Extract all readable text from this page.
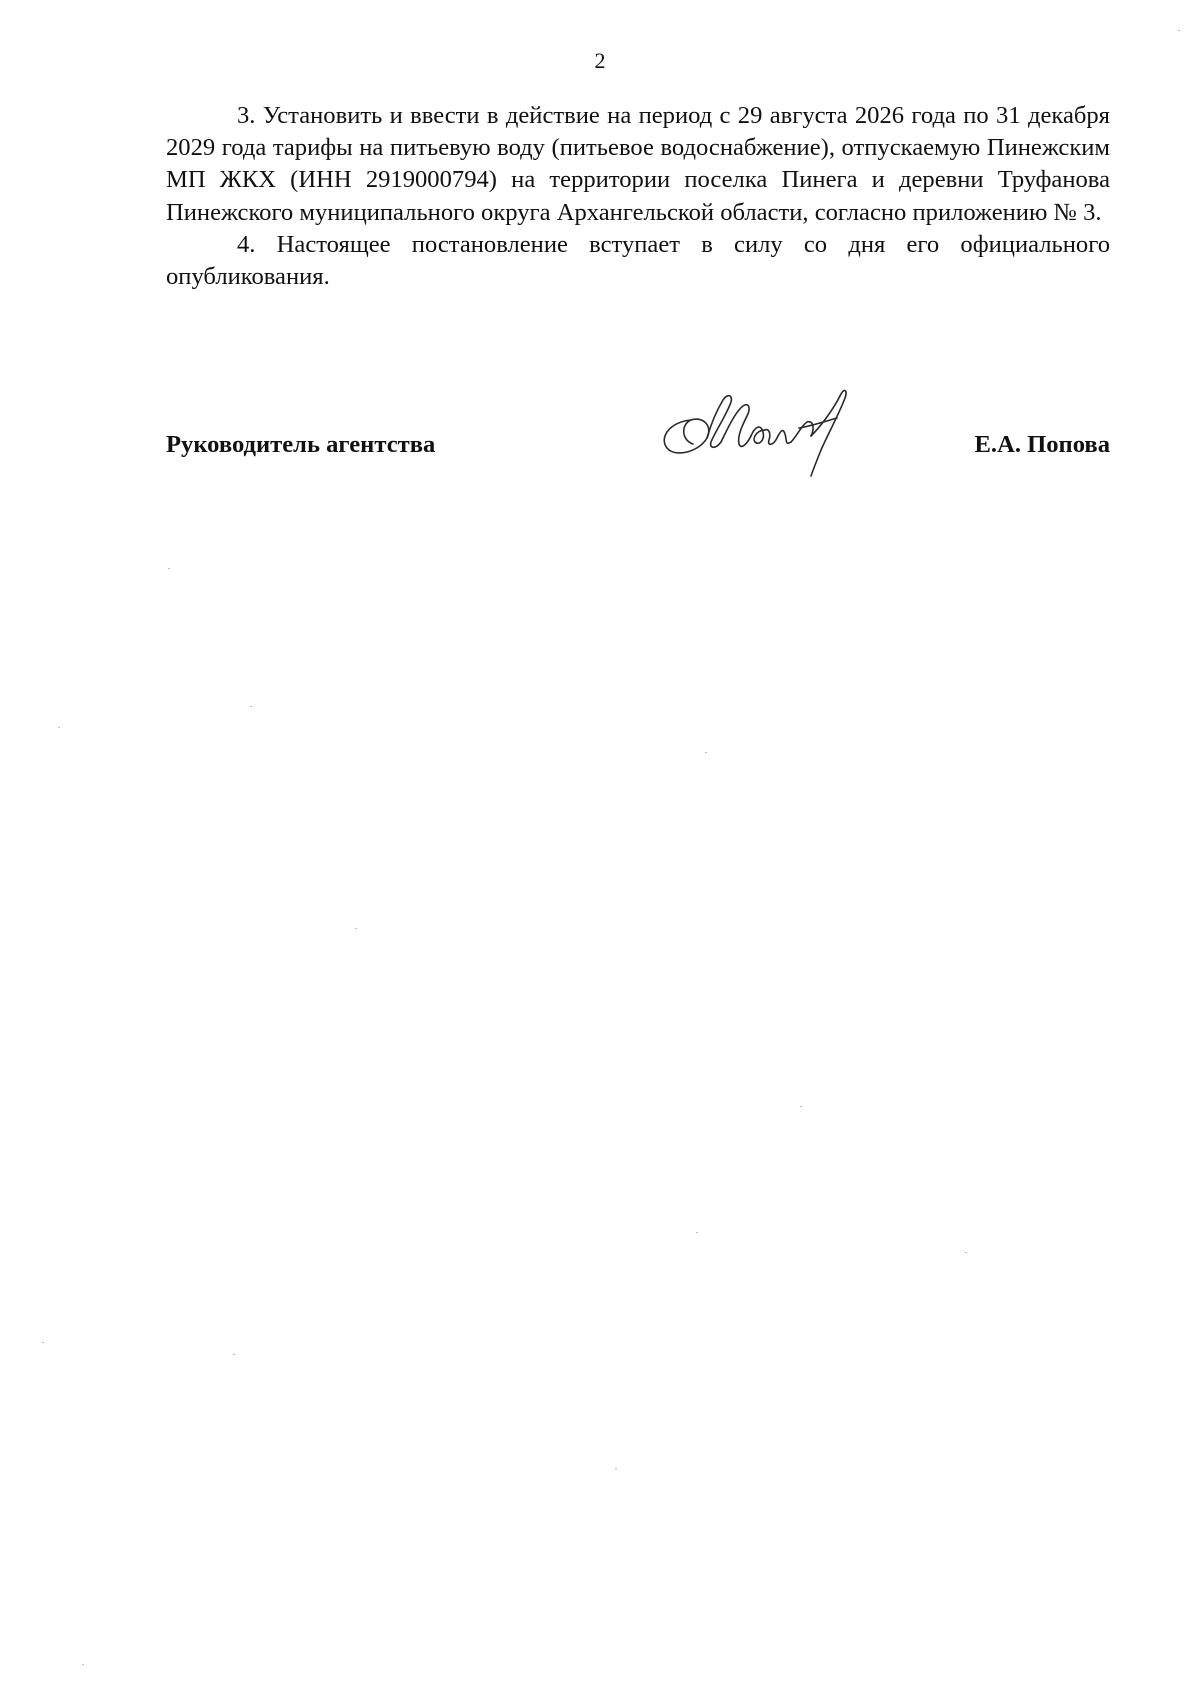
2

3. Установить и ввести в действие на период с 29 августа 2026 года по 31 декабря 2029 года тарифы на питьевую воду (питьевое водоснабжение), отпускаемую Пинежским МП ЖКХ (ИНН 2919000794) на территории поселка Пинега и деревни Труфанова Пинежского муниципального округа Архангельской области, согласно приложению № 3.

4. Настоящее постановление вступает в силу со дня его официального опубликования.

Руководитель агентства	Е.А. Попова
